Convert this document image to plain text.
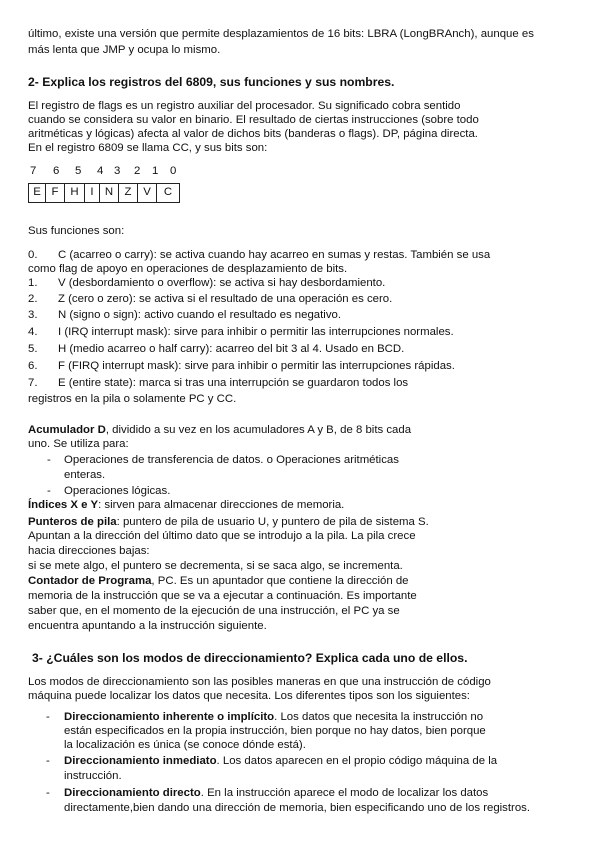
último, existe una versión que permite desplazamientos de 16 bits: LBRA (LongBRAnch), aunque es
más lenta que JMP y ocupa lo mismo.
2- Explica los registros del 6809, sus funciones y sus nombres.
El registro de flags es un registro auxiliar del procesador. Su significado cobra sentido
cuando se considera su valor en binario. El resultado de ciertas instrucciones (sobre todo
aritméticas y lógicas) afecta al valor de dichos bits (banderas o flags). DP, página directa.
En el registro 6809 se llama CC, y sus bits son:
7 6 5 4 3 2 1 0
E	F	H	I	N	Z	V	C
Sus funciones son:
0. C (acarreo o carry): se activa cuando hay acarreo en sumas y restas. También se usa
como flag de apoyo en operaciones de desplazamiento de bits.
1. V (desbordamiento o overflow): se activa si hay desbordamiento.
2. Z (cero o zero): se activa si el resultado de una operación es cero.
3. N (signo o sign): activo cuando el resultado es negativo.
4. I (IRQ interrupt mask): sirve para inhibir o permitir las interrupciones normales.
5. H (medio acarreo o half carry): acarreo del bit 3 al 4. Usado en BCD.
6. F (FIRQ interrupt mask): sirve para inhibir o permitir las interrupciones rápidas.
7. E (entire state): marca si tras una interrupción se guardaron todos los
registros en la pila o solamente PC y CC.
Acumulador D, dividido a su vez en los acumuladores A y B, de 8 bits cada
uno. Se utiliza para:
- Operaciones de transferencia de datos. o Operaciones aritméticas
enteras.
- Operaciones lógicas.
Índices X e Y: sirven para almacenar direcciones de memoria.
Punteros de pila: puntero de pila de usuario U, y puntero de pila de sistema S.
Apuntan a la dirección del último dato que se introdujo a la pila. La pila crece
hacia direcciones bajas:
si se mete algo, el puntero se decrementa, si se saca algo, se incrementa.
Contador de Programa, PC. Es un apuntador que contiene la dirección de
memoria de la instrucción que se va a ejecutar a continuación. Es importante
saber que, en el momento de la ejecución de una instrucción, el PC ya se
encuentra apuntando a la instrucción siguiente.
3- ¿Cuáles son los modos de direccionamiento? Explica cada uno de ellos.
Los modos de direccionamiento son las posibles maneras en que una instrucción de código
máquina puede localizar los datos que necesita. Los diferentes tipos son los siguientes:
- Direccionamiento inherente o implícito. Los datos que necesita la instrucción no
están especificados en la propia instrucción, bien porque no hay datos, bien porque
la localización es única (se conoce dónde está).
- Direccionamiento inmediato. Los datos aparecen en el propio código máquina de la
instrucción.
- Direccionamiento directo. En la instrucción aparece el modo de localizar los datos
directamente,bien dando una dirección de memoria, bien especificando uno de los registros.
